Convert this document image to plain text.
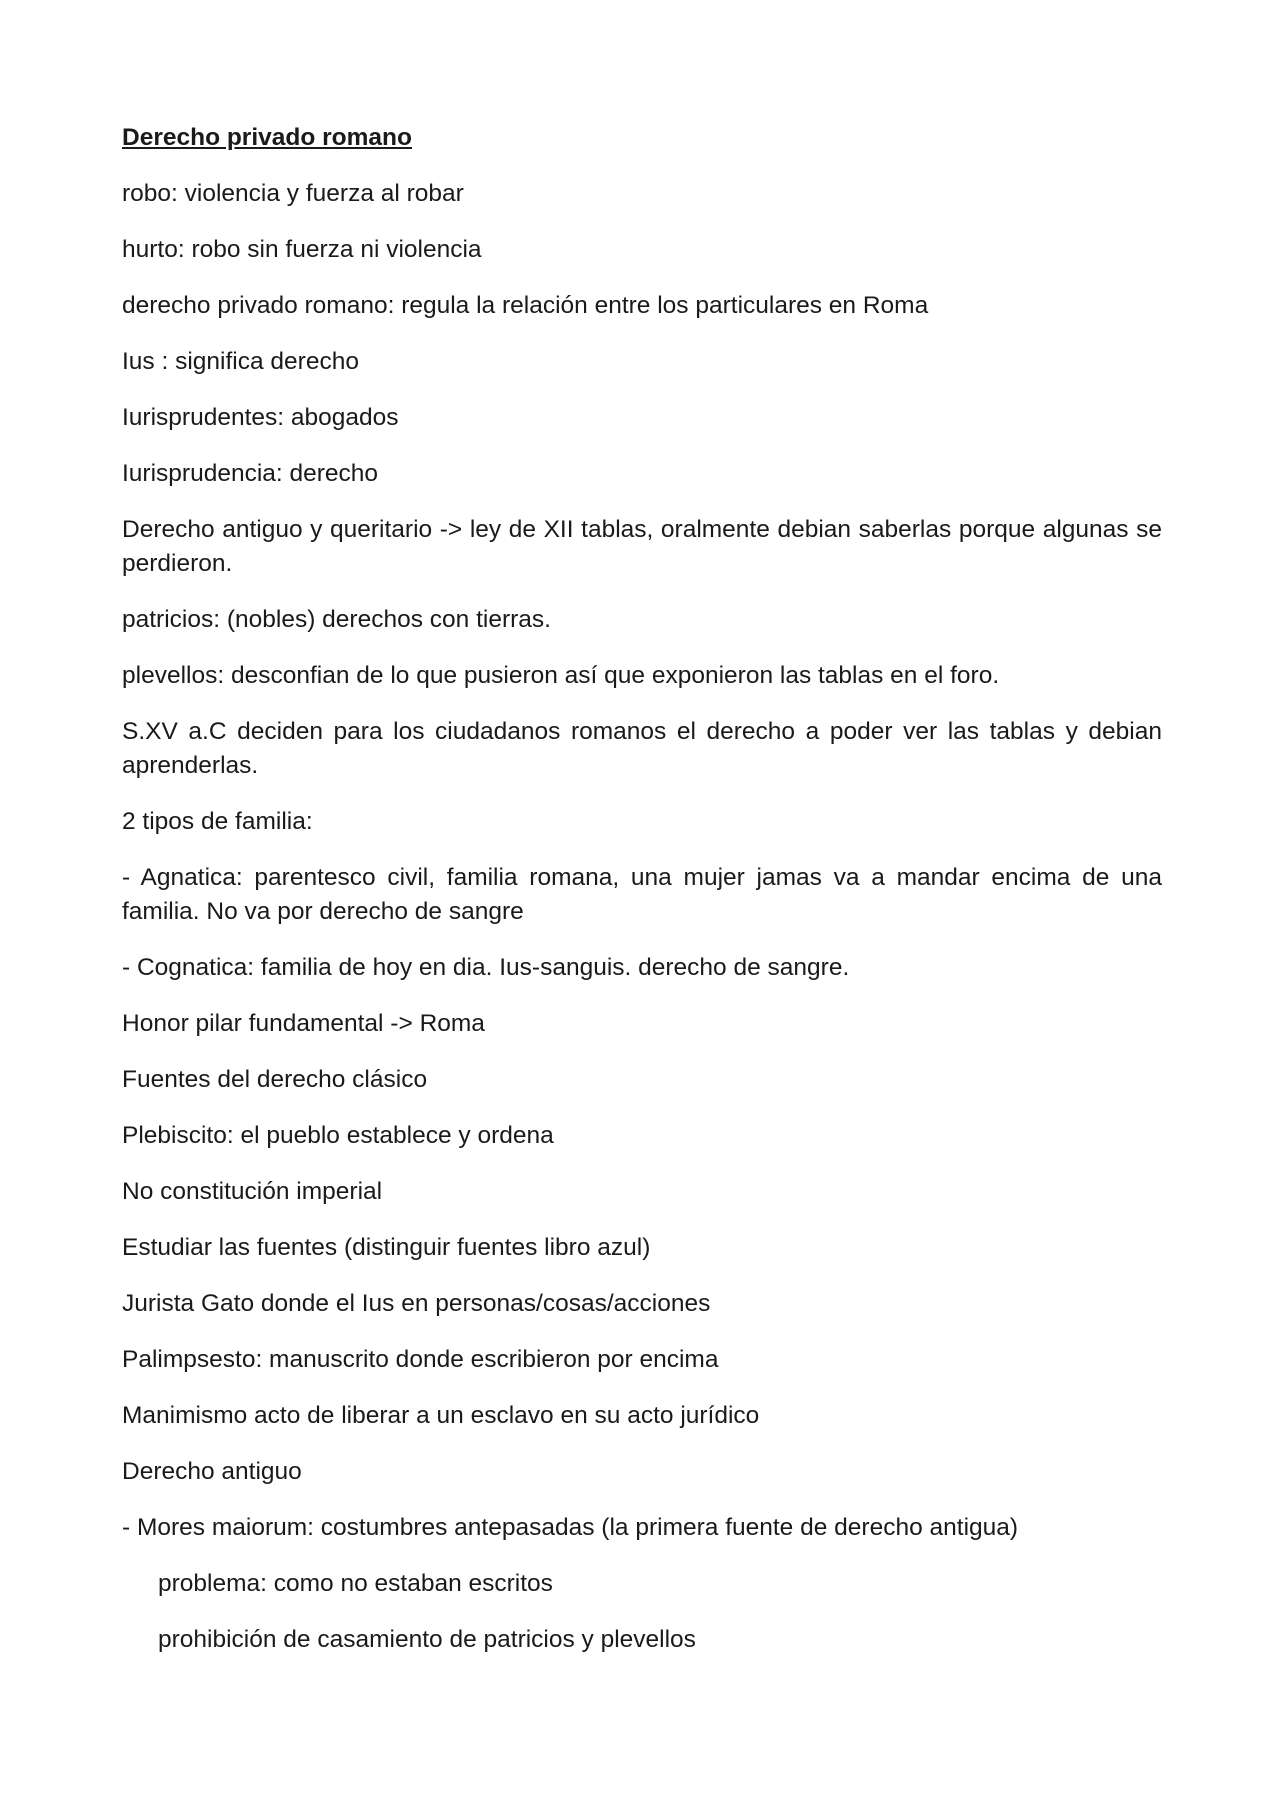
Derecho privado romano

robo: violencia y fuerza al robar

hurto: robo sin fuerza ni violencia

derecho privado romano: regula la relación entre los particulares en Roma

Ius : significa derecho

Iurisprudentes: abogados

Iurisprudencia: derecho

Derecho antiguo y queritario -> ley de XII tablas, oralmente debian saberlas porque algunas se perdieron.

patricios: (nobles) derechos con tierras.

plevellos: desconfian de lo que pusieron así que exponieron las tablas en el foro.

S.XV a.C deciden para los ciudadanos romanos el derecho a poder ver las tablas y debian aprenderlas.

2 tipos de familia:

- Agnatica: parentesco civil, familia romana, una mujer jamas va a mandar encima de una familia. No va por derecho de sangre

- Cognatica: familia de hoy en dia. Ius-sanguis. derecho de sangre.

Honor pilar fundamental -> Roma

Fuentes del derecho clásico

Plebiscito: el pueblo establece y ordena

No constitución imperial

Estudiar las fuentes (distinguir fuentes libro azul)

Jurista Gato donde el Ius en personas/cosas/acciones

Palimpsesto: manuscrito donde escribieron por encima

Manimismo acto de liberar a un esclavo en su acto jurídico

Derecho antiguo

- Mores maiorum: costumbres antepasadas (la primera fuente de derecho antigua)

problema: como no estaban escritos

prohibición de casamiento de patricios y plevellos
